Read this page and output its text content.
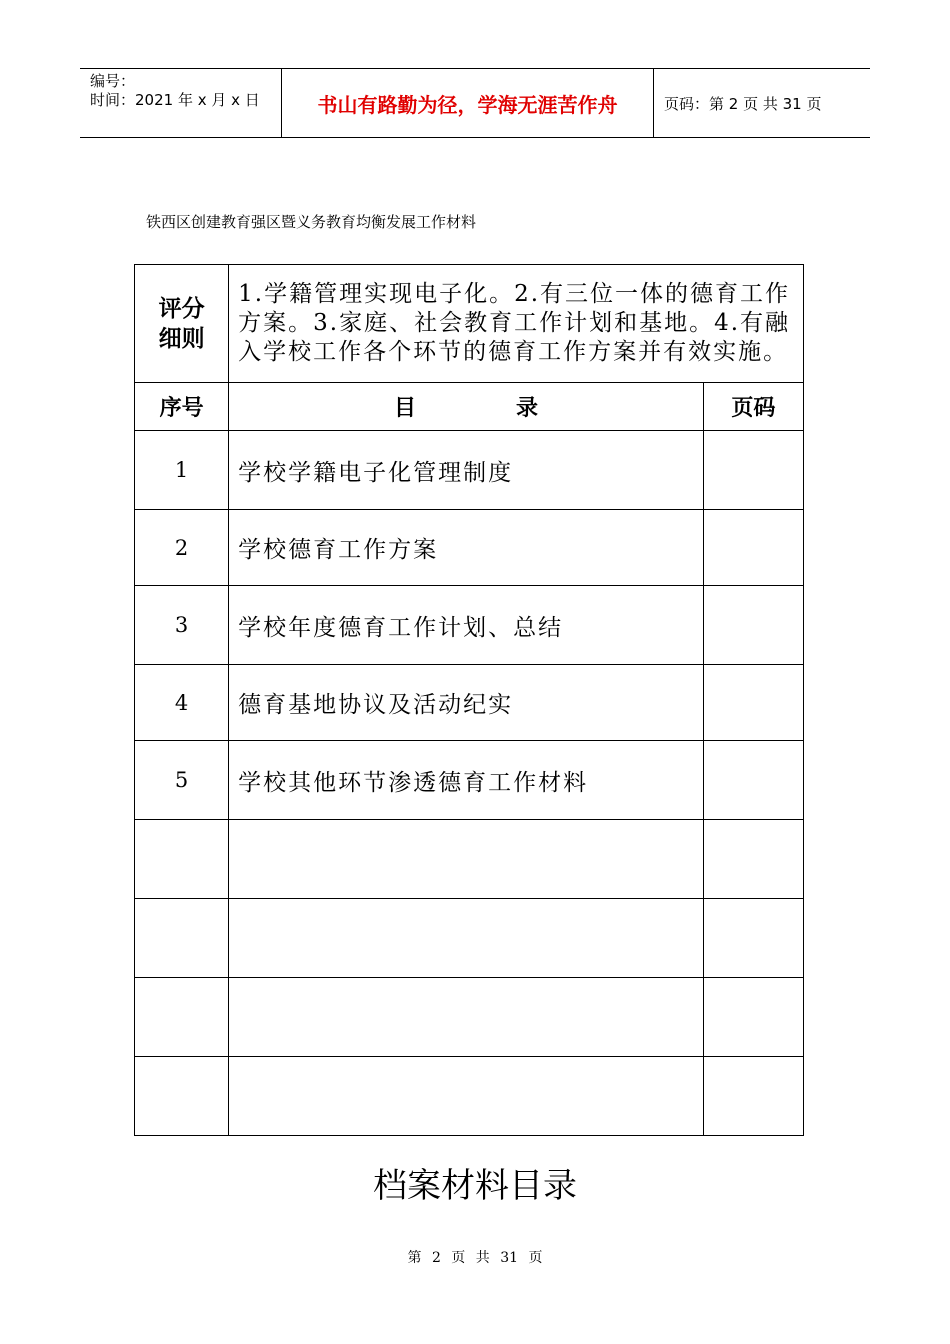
编号：
时间：2021 年 x 月 x 日	书山有路勤为径，学海无涯苦作舟	页码：第 2 页 共 31 页
铁西区创建教育强区暨义务教育均衡发展工作材料
评分
细则	1.学籍管理实现电子化。2.有三位一体的德育工作方案。3.家庭、社会教育工作计划和基地。4.有融入学校工作各个环节的德育工作方案并有效实施。	
序号	目 录	页码
1	学校学籍电子化管理制度	
2	学校德育工作方案	
3	学校年度德育工作计划、总结	
4	德育基地协议及活动纪实	
5	学校其他环节渗透德育工作材料	

档案材料目录
第 2 页 共 31 页
